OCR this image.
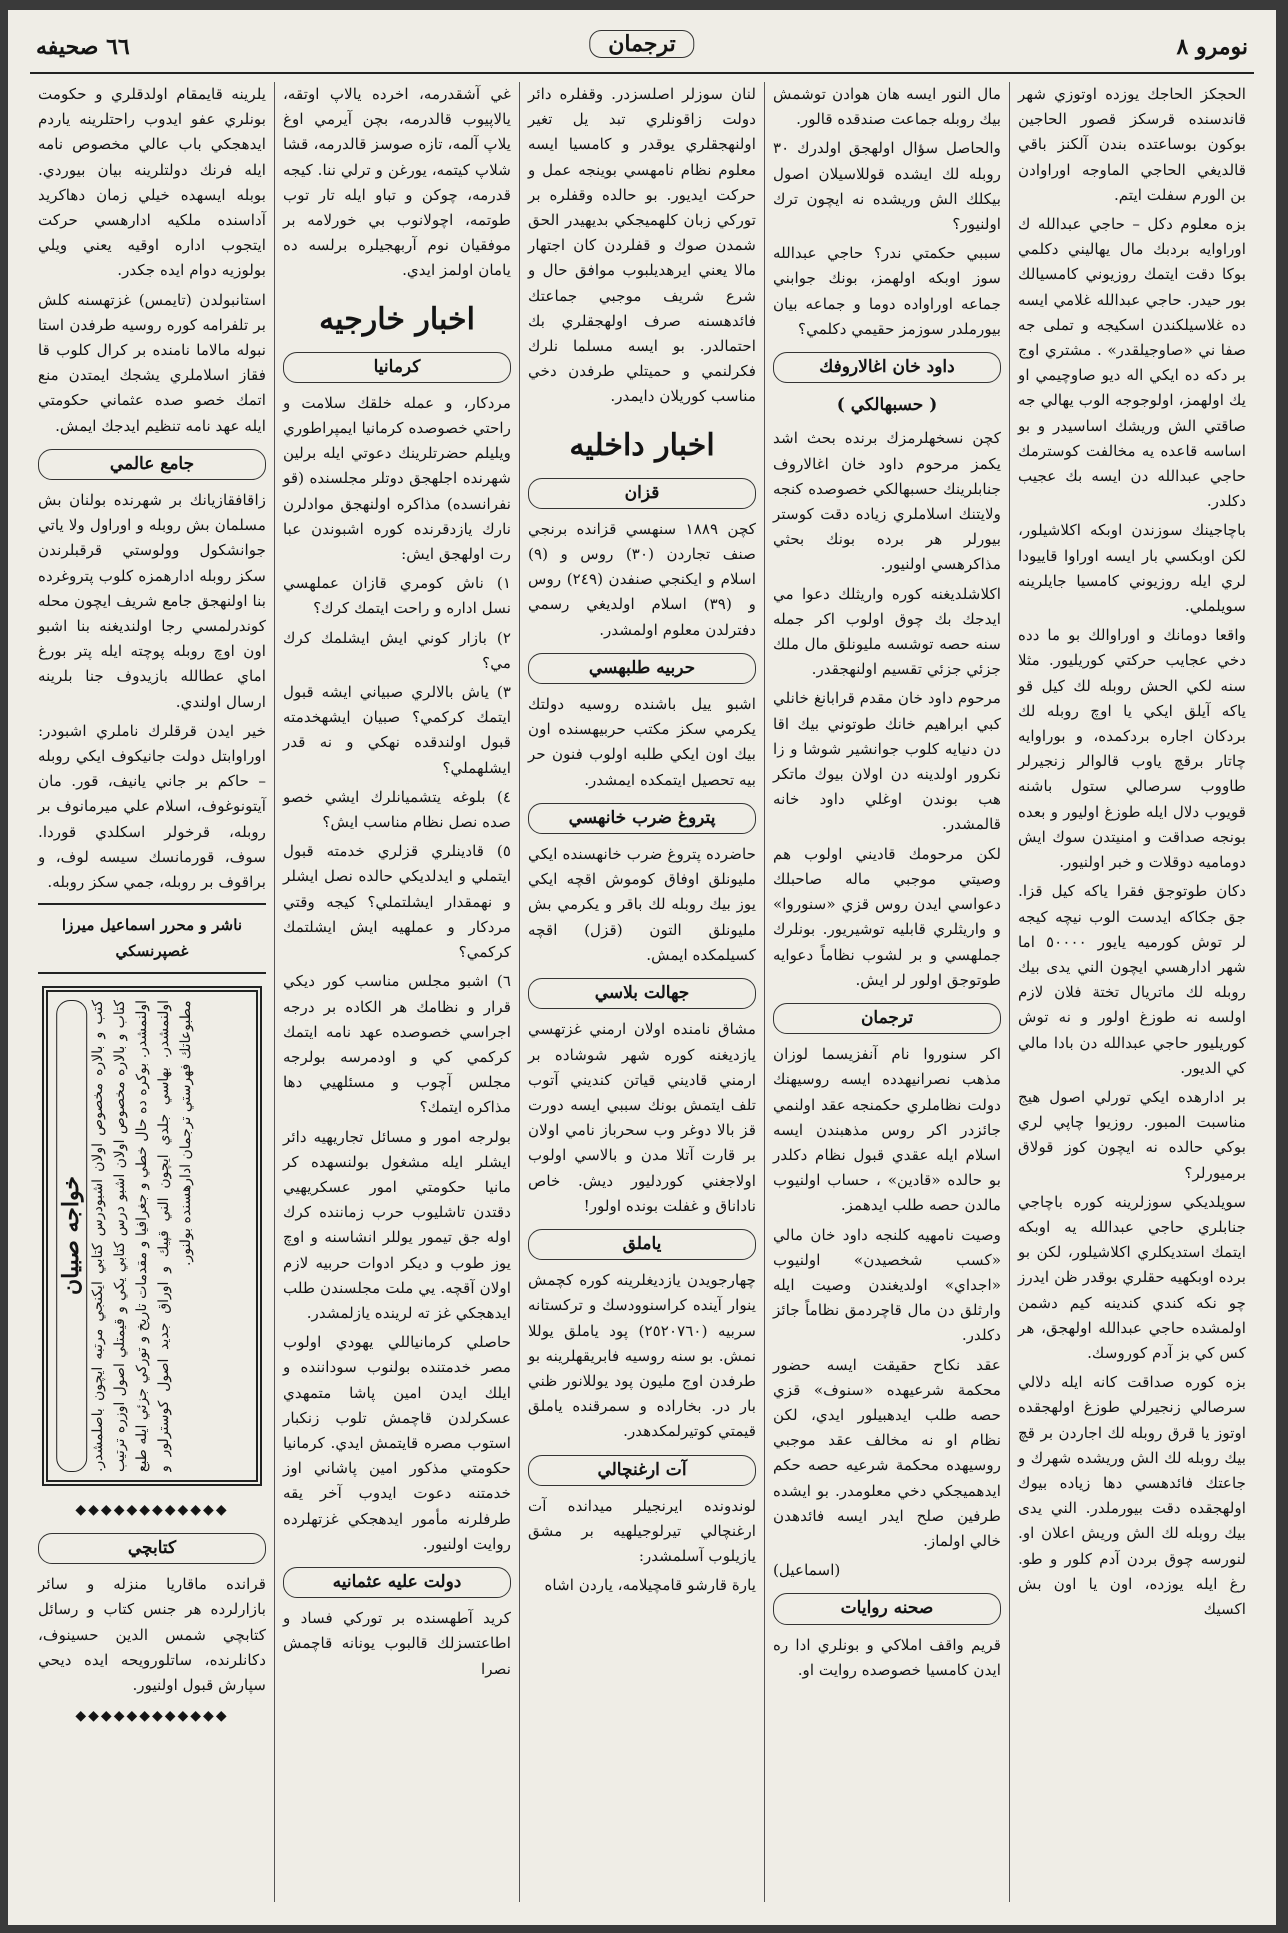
نومرو ٨
ترجمان
٦٦ صحيفه

الحجكز الحاجك يوزده اوتوزي شهر قاندسنده قرسكز قصور الحاجين بوكون بوساعتده بندن آلكنز باقي قالديغي الحاجي الماوجه اوراوادن بن الورم سفلت ايتم.

بزه معلوم دكل – حاجي عبدالله ك اوراوايه بردبك مال يهاليني دكلمي بوكا دقت ايتمك روزيوني كامسيالك بور حيدر. حاجي عبدالله غلامي ايسه ده غلاسيلكندن اسكيجه و تملى جه صفا ني «صاوجيلقدر» . مشتري اوج بر دكه ده ايكي اله ديو صاوچيمي او يك اولهمز، اولوجوجه الوب يهالي جه صاقتي الش وريشك اساسيدر و بو اساسه قاعده يه مخالفت كوسترمك حاجي عبدالله دن ايسه بك عجيب دكلدر.

باچاجينك سوزندن اوبكه اكلاشيلور، لكن اوبكسي بار ايسه اوراوا قاييودا لري ايله روزيوني كامسيا جايلرينه سويلملي.

واقعا دومانك و اوراوالك بو ما دده دخي عجايب حركتي كوريليور. مثلا سنه لكي الحش روبله لك كيل قو ياكه آيلق ايكي يا اوچ روبله لك بردكان اجاره بردكمده، و بوراوايه چاتار برقچ ياوب قالوالر زنجيرلر طاووب سرصالي ستول باشنه قويوب دلال ايله طوزغ اوليور و بعده بونجه صداقت و امنيتدن سوك ايش دوماميه دوقلات و خبر اولنيور.

دكان طوتوجق فقرا ياكه كيل قزا. جق جكاكه ايدست الوب نيچه كيجه لر توش كورميه يايور ٥٠٠٠٠ اما شهر ادارهسي ايچون الني يدى بيك روبله لك ماتريال تختة فلان لازم اولسه نه طوزغ اولور و نه توش كوريليور حاجي عبدالله دن بادا مالي كي الديور.

بر ادارهده ايكي تورلي اصول هيج مناسبت المبور. روزيوا چاپي لري بوكي حالده نه ايچون كوز قولاق برميورلر؟

سويلديكي سوزلرينه كوره باچاجي جنابلري حاجي عبدالله يه اوبكه ايتمك استديكلري اكلاشيلور، لكن بو برده اوبكهيه حقلري بوقدر ظن ايدرز چو نكه كندي كندينه كيم دشمن اولمشده حاجي عبدالله اولهجق، هر كس كي بز آدم كوروسك.

بزه كوره صداقت كانه ايله دلالي سرصالي زنجيرلي طوزغ اولهجقده اوتوز يا قرق روبله لك اجاردن بر قچ بيك روبله لك الش وريشده شهرك و جاعتك فائدهسي دها زياده بيوك اولهجقده دقت بيورملدر. الني يدى بيك روبله لك الش وريش اعلان او. لنورسه چوق بردن آدم كلور و طو. رغ ايله يوزده، اون يا اون بش اكسيك

مال النور ايسه هان هوادن توشمش بيك روبله جماعت صندقده قالور.

والحاصل سؤال اولهجق اولدرك ٣٠ روبله لك ايشده قوللاسيلان اصول بيكلك الش وريشده نه ايچون ترك اولنيور؟

سببي حكمتي ندر؟ حاجي عبدالله سوز اوبكه اولهمز، بونك جوابني جماعه اوراواده دوما و جماعه بيان بيورملدر سوزمز حقيمي دكلمي؟

داود خان اغالاروفك
( حسبهالكي )

كچن نسخهلرمزك برنده بحث اشد يكمز مرحوم داود خان اغالاروف جنابلرينك حسبهالكي خصوصده كنجه ولايتنك اسلاملري زياده دقت كوستر بيورلر هر برده بونك بحثي مذاكرهسي اولنيور.

اكلاشلديغنه كوره واريثلك دعوا مي ايدجك بك چوق اولوب اكر جمله سنه حصه توشسه مليونلق مال ملك جزئي جزئي تقسيم اولنهجقدر.

مرحوم داود خان مقدم قرابانغ خانلي كبي ابراهيم خانك طوتوني بيك اقا دن دنيايه كلوب جوانشير شوشا و زا نكرور اولدينه دن اولان بيوك ماتكر هب بوندن اوغلي داود خانه قالمشدر.

لكن مرحومك قاديني اولوب هم وصيتي موجبي ماله صاحبلك دعواسي ايدن روس قزي «سنوروا» و واريثلري قابليه توشيريور. بونلرك جملهسي و بر لشوب نظاماً دعوايه طوتوجق اولور لر ايش.

ترجمان

اكر سنوروا نام آنفزيسما لوزان مذهب نصرانيهدده ايسه روسيهنك دولت نظاملري حكمنجه عقد اولنمي جائزدر اكر روس مذهبندن ايسه اسلام ايله عقدي قبول نظام دكلدر بو حالده «قادين» ، حساب اولنيوب مالدن حصه طلب ايدهمز.

وصيت نامهيه كلنجه داود خان مالي «كسب شخصيدن» اولنيوب «اجداي» اولديغندن وصيت ايله وارثلق دن مال قاچردمق نظاماً جائز دكلدر.

عقد نكاح حقيقت ايسه حضور محكمة شرعيهده «سنوف» قزي حصه طلب ايدهبيلور ايدي، لكن نظام او نه مخالف عقد موجبي روسيهده محكمة شرعيه حصه حكم ايدهميجكي دخي معلومدر. بو ايشده طرفين صلح ايدر ايسه فائدهدن خالي اولماز.

(اسماعيل)

صحنه روايات

قريم واقف املاكي و بونلري ادا ره ايدن كامسيا خصوصده روايت او.

لنان سوزلر اصلسزدر. وقفلره دائر دولت زاقونلري تبد يل تغير اولنهجقلري يوقدر و كامسيا ايسه معلوم نظام نامهسي بوينجه عمل و حركت ايديور. بو حالده وقفلره بر توركي زبان كلهميجكي بديهيدر الحق شمدن صوك و قفلردن كان اجتهار مالا يعني ايرهديلبوب موافق حال و شرع شريف موجبي جماعتك فائدهسنه صرف اولهجقلري بك احتمالدر. بو ايسه مسلما نلرك فكرلنمي و حميتلي طرفدن دخي مناسب كوريلان دايمدر.

اخبار داخليه
قزان

كچن ١٨٨٩ سنهسي قزانده برنجي صنف تجاردن (٣٠) روس و (٩) اسلام و ايكنجي صنفدن (٢٤٩) روس و (٣٩) اسلام اولديغي رسمي دفترلدن معلوم اولمشدر.

حربيه طلبهسي

اشبو ييل باشنده روسيه دولتك يكرمي سكز مكتب حربيهسنده اون بيك اون ايكي طلبه اولوب فنون حر بيه تحصيل ايتمكده ايمشدر.

پتروغ ضرب خانهسي

حاضرده پتروغ ضرب خانهسنده ايكي مليونلق اوفاق كوموش اقچه ايكي يوز بيك روبله لك باقر و يكرمي بش مليونلق التون (قزل) اقچه كسيلمكده ايمش.

جهالت بلاسي

مشاق نامنده اولان ارمني غزتهسي يازديغنه كوره شهر شوشاده بر ارمني قاديني قياتن كنديني آتوب تلف ايتمش بونك سببي ايسه دورت قز بالا دوغر وب سحرباز نامي اولان بر قارت آتلا مدن و بالاسي اولوب اولاجغني كوردليور ديش. خاص ناداناق و غفلت بونده اولور!

ياملق

چهارجويدن يازديغلرينه كوره كچمش ينوار آينده كراسنوودسك و تركستانه سربيه (٢٥٢٠٧٦٠) پود ياملق يوللا نمش. بو سنه روسيه فابريقهلرينه بو طرفدن اوج مليون پود يوللانور ظني بار در. بخاراده و سمرقنده ياملق قيمتي كوتيرلمكدهدر.

آت ارغنچالي

لوندونده ايرنجيلر ميدانده آت ارغنچالي تيرلوجيلهيه بر مشق يازيلوب آسلمشدر:

يارة قارشو قامچيلامه، ياردن اشاه

غي آشقدرمه، اخرده يالاپ اوتقه، يالاپيوب قالدرمه، بچن آيرمي اوغ يلاپ آلمه، تازه صوسز قالدرمه، قشا شلاپ كيتمه، يورغن و ترلي ننا. كيجه قدرمه، چوكن و تباو ايله تار توب طوتمه، اچولانوب بي خورلامه بر موفقيان نوم آربهجيلره برلسه ده يامان اولمز ايدي.

اخبار خارجيه
كرمانيا

مردكار، و عمله خلقك سلامت و راحتي خصوصده كرمانيا ايمپراطوري ويليلم حضرتلرينك دعوتي ايله برلين شهرنده اجلهجق دوتلر مجلسنده (قو نفرانسده) مذاكره اولنهجق موادلرن نارك يازدقرنده كوره اشبوندن عبا رت اولهجق ايش:

١) ناش كومري قازان عملهسي نسل اداره و راحت ايتمك كرك؟

٢) بازار كوني ايش ايشلمك كرك مي؟

٣) ياش بالالري صبياني ايشه قبول ايتمك كركمي؟ صبيان ايشهخدمته قبول اولندقده نهكي و نه قدر ايشلهملي؟

٤) بلوغه يتشميانلرك ايشي خصو صده نصل نظام مناسب ايش؟

٥) قادينلري قزلري خدمته قبول ايتملي و ايدلديكي حالده نصل ايشلر و نهمقدار ايشلتملي؟ كيجه وقتي مردكار و عملهيه ايش ايشلتمك كركمي؟

٦) اشبو مجلس مناسب كور ديكي قرار و نظامك هر الكاده بر درجه اجراسي خصوصده عهد نامه ايتمك كركمي كي و اودمرسه بولرجه مجلس آچوب و مسئلهيي دها مذاكره ايتمك؟

بولرجه امور و مسائل تجاريهيه دائر ايشلر ايله مشغول بولنسهده كر مانيا حكومتي امور عسكريهيي دقتدن تاشليوب حرب زماننده كرك اوله جق تيمور يوللر انشاسنه و اوچ يوز طوب و ديكر ادوات حربيه لازم اولان آقچه. يي ملت مجلسندن طلب ايدهجكي غز ته لرينده يازلمشدر.

حاصلي كرمانياللي يهودي اولوب مصر خدمتنده بولنوب سوداننده و ايلك ايدن امين پاشا متمهدي عسكرلدن قاچمش تلوب زنكبار استوب مصره قايتمش ايدي. كرمانيا حكومتي مذكور امين پاشاني اوز خدمتنه دعوت ايدوب آخر يقه طرفلرنه مأمور ايدهجكي غزتهلرده روايت اولنيور.

دولت عليه عثمانيه

كريد آطهسنده بر توركي فساد و اطاعتسزلك قالبوب يونانه قاچمش نصرا

يلرينه قايمقام اولدقلري و حكومت بونلري عفو ايدوب راحتلرينه ياردم ايدهجكي باب عالي مخصوص نامه ايله فرنك دولتلرينه بيان بيوردي. بوبله ايسهده خيلي زمان دهاكريد آداسنده ملكيه ادارهسي حركت ايتجوب اداره اوقيه يعني ويلي بولوزيه دوام ايده جكدر.

استانبولدن (تايمس) غزتهسنه كلش بر تلفرامه كوره روسيه طرفدن استا نبوله مالاما نامنده بر كرال كلوب قا فقاز اسلاملري يشجك ايمتدن منع اتمك خصو صده عثماني حكومتي ايله عهد نامه تنظيم ايدجك ايمش.

جامع عالمي

زاقافقازيانك بر شهرنده بولنان بش مسلمان بش روبله و اوراول ولا ياتي جوانشكول وولوستي قرقبلرندن سكز روبله ادارهمزه كلوب پتروغرده بنا اولنهجق جامع شريف ايچون محله كوندرلمسي رجا اولنديغنه بنا اشبو اون اوچ روبله پوچته ايله پتر بورغ اماي عطالله بازيدوف جنا بلرينه ارسال اولندي.

خير ايدن قرقلرك ناملري اشبودر: اوراوابتل دولت جانيكوف ايكي روبله – حاكم بر جاني يانيف، قور. مان آيتونوغوف، اسلام علي ميرمانوف بر روبله، قرخولر اسكلدي قوردا. سوف، قورمانسك سيسه لوف، و براقوف بر روبله، جمي سكز روبله.

ناشر و محرر اسماعيل ميرزا غصپرنسكي
كتب و بالاره مخصوص اولان اشبودرس كتابي ايكنجي مرتبه ايچون باصلمشدر. كتاب و بالاره مخصوص اولان اشبو درس كتابي يكي و قيمتلي اصول اوزره ترتيب اولنمشدر. بوكره ده حال خطي و جغرافيا و مقدمات تاريخ و توركي جزئي ايله طبع اولنمشدر. بهاسي جلدي ايچون الني قپيك و اوراق جديد اصول كوسترلور و مطبوعاتك فهرستي ترجمان ادارهسنده بولنور.
خواجه صبيان
◆◆◆◆◆◆◆◆◆◆◆◆
كتابچي

قرانده ماقاريا منزله و سائر بازارلرده هر جنس كتاب و رسائل كتابچي شمس الدين حسينوف، دكانلرنده، ساتلورويحه ايده ديحي سپارش قبول اولنيور.

◆◆◆◆◆◆◆◆◆◆◆◆
